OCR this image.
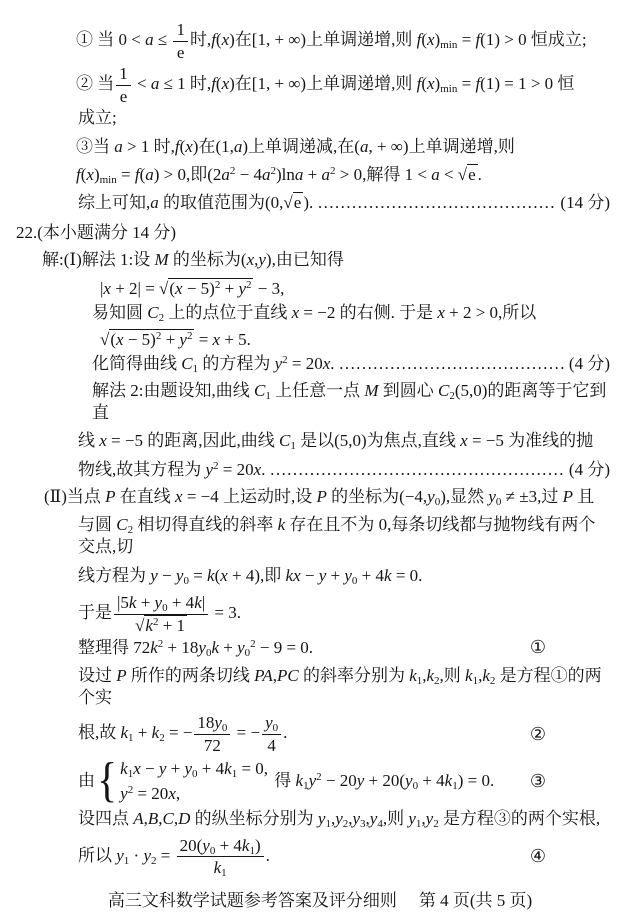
① 当 $0 < a \le \frac{1}{e}$ 时,f(x)在[1, + ∞)上单调递增,则 $f(x)_{min} = f(1) > 0$ 恒成立;
② 当 $\frac{1}{e} < a \le 1$ 时,f(x)在[1, + ∞)上单调递增,则 $f(x)_{min} = f(1) = 1 > 0$ 恒
成立;
③当 a > 1 时,f(x)在(1,a)上单调递减,在(a, + ∞)上单调递增,则
$f(x)_{min} = f(a) > 0$,即$(2a^2 - 4a^2)\ln a + a^2 > 0$,解得 1 < a < √ e .
综上可知,a 的取值范围为(0, √ e ). ……………………………………………………………………………………………………	(14 分)
22.(本小题满分 14 分)
解:(Ⅰ)解法 1:设 M 的坐标为(x,y),由已知得
|x + 2| = √ $(x - 5)^2 + y^2 - 3$,
易知圆 $C_2$ 上的点位于直线 x = −2 的右侧. 于是 x + 2 > 0,所以
√ $(x - 5)^2 + y^2 = x + 5$.
化简得曲线 $C_1$ 的方程为 $y^2 = 20x$. ……………………………………………………………………………………………………	(4 分)
解法 2:由题设知,曲线 $C_1$ 上任意一点 M 到圆心 $C_2(5,0)$的距离等于它到直
线 x = −5 的距离,因此,曲线 $C_1$ 是以(5,0)为焦点,直线 x = −5 为准线的抛
物线,故其方程为 $y^2 = 20x$. ……………………………………………………………………………………………………	(4 分)
(Ⅱ)当点 P 在直线 x = −4 上运动时,设 P 的坐标为$(-4,y_0)$,显然 $y_0 \ne \pm 3$,过 P 且
与圆 $C_2$ 相切得直线的斜率 k 存在且不为 0,每条切线都与抛物线有两个交点,切
线方程为 $y - y_0 = k(x + 4)$,即 kx − $y + y_0 + 4k = 0$.
于是 $|5k + y_0 + 4k|$
√ $k^2 + 1 = 3$.
整理得 $72k^2 + 18y_0k + y_0^2 - 9 = 0$.	①
设过 P 所作的两条切线 PA,PC 的斜率分别为 $k_1,k_2$,则 $k_1,k_2$ 是方程①的两个实
根,故 $k_1 + k_2$ = − $\frac{18y_0}{72}$ = − $\frac{y_0}{4}$ .	②
由 { $k_1x - y + y_0 + 4k_1 = 0$,
$y^2 = 20x$,
得 $k_1y^2 - 20y + 20(y_0 + 4k_1) = 0$. ③
设四点 A,B,C,D 的纵坐标分别为 $y_1,y_2,y_3,y_4$,则 $y_1,y_2$ 是方程③的两个实根,
所以 $y_1 \cdot y_2 = \frac{20(y_0 + 4k_1)}{k_1}$ .	④
高三文科数学试题参考答案及评分细则 第 4 页(共 5 页)
